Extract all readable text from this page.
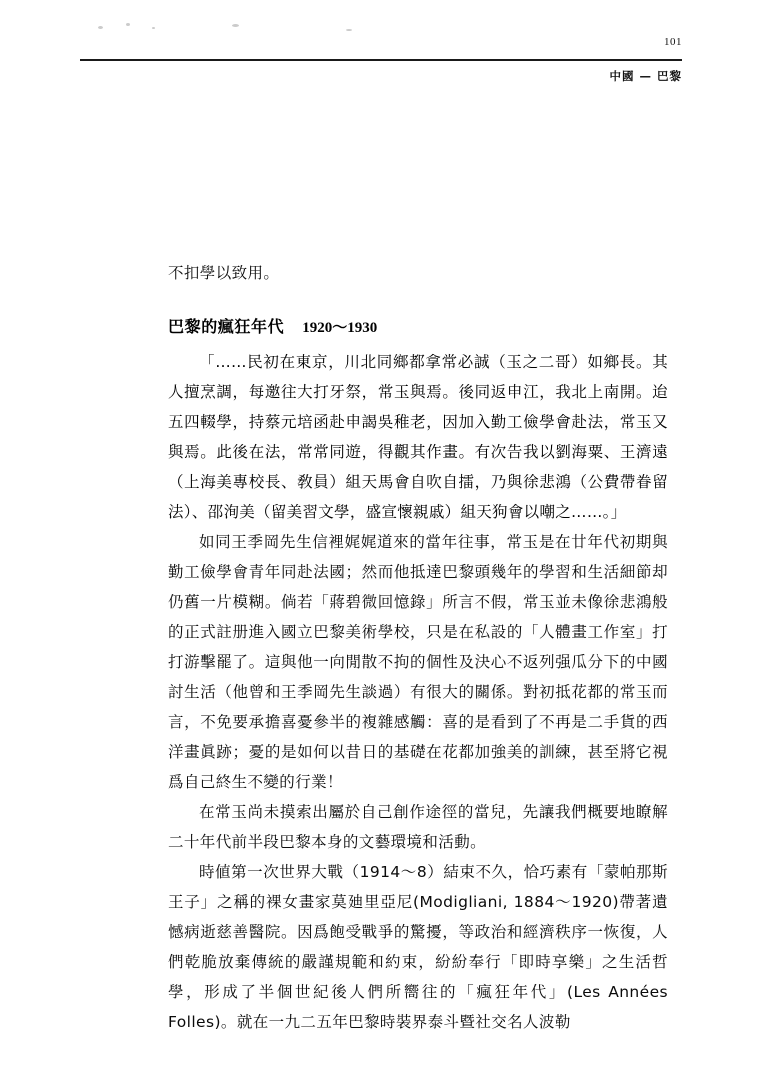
101
中國 — 巴黎

不扣學以致用。

巴黎的瘋狂年代 1920～1930

「……民初在東京，川北同鄉都拿常必誠（玉之二哥）如鄉長。其人擅烹調，每邀往大打牙祭，常玉與焉。後同返申江，我北上南開。迨五四輟學，持蔡元培函赴申謁吳稚老，因加入勤工儉學會赴法，常玉又與焉。此後在法，常常同遊，得觀其作畫。有次告我以劉海粟、王濟遠（上海美專校長、敎員）組天馬會自吹自擂，乃與徐悲鴻（公費帶眷留法）、邵洵美（留美習文學，盛宣懷親戚）組天狗會以嘲之……。」

如同王季岡先生信裡娓娓道來的當年往事，常玉是在廿年代初期與勤工儉學會青年同赴法國；然而他抵達巴黎頭幾年的學習和生活細節却仍舊一片模糊。倘若「蔣碧微回憶錄」所言不假，常玉並未像徐悲鴻般的正式註册進入國立巴黎美術學校，只是在私設的「人體畫工作室」打打游擊罷了。這與他一向閒散不拘的個性及決心不返列强瓜分下的中國討生活（他曾和王季岡先生談過）有很大的關係。對初抵花都的常玉而言，不免要承擔喜憂參半的複雜感觸：喜的是看到了不再是二手貨的西洋畫眞跡；憂的是如何以昔日的基礎在花都加強美的訓練，甚至將它視爲自己終生不變的行業！

在常玉尚未摸索出屬於自己創作途徑的當兒，先讓我們概要地瞭解二十年代前半段巴黎本身的文藝環境和活動。

時値第一次世界大戰（1914～8）結束不久，恰巧素有「蒙帕那斯王子」之稱的裸女畫家莫廸里亞尼(Modigliani, 1884～1920)帶著遺憾病逝慈善醫院。因爲飽受戰爭的驚擾，等政治和經濟秩序一恢復，人們乾脆放棄傳統的嚴謹規範和約束，紛紛奉行「即時享樂」之生活哲學，形成了半個世紀後人們所嚮往的「瘋狂年代」(Les Années Folles)。就在一九二五年巴黎時裝界泰斗暨社交名人波勒
